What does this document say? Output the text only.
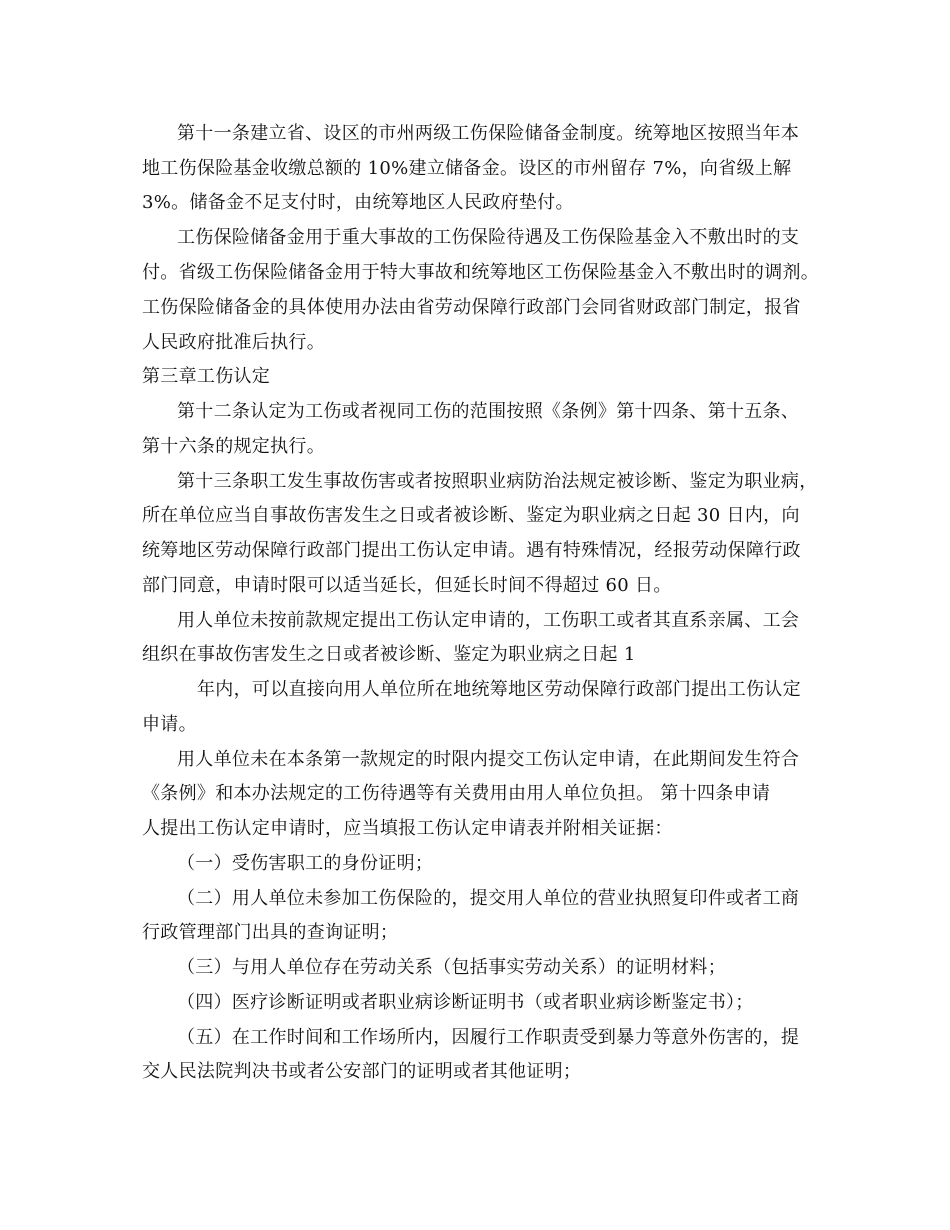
第十一条建立省、设区的市州两级工伤保险储备金制度。统筹地区按照当年本
地工伤保险基金收缴总额的 10%建立储备金。设区的市州留存 7%，向省级上解
3%。储备金不足支付时，由统筹地区人民政府垫付。
工伤保险储备金用于重大事故的工伤保险待遇及工伤保险基金入不敷出时的支
付。省级工伤保险储备金用于特大事故和统筹地区工伤保险基金入不敷出时的调剂。
工伤保险储备金的具体使用办法由省劳动保障行政部门会同省财政部门制定，报省
人民政府批准后执行。
第三章工伤认定
第十二条认定为工伤或者视同工伤的范围按照《条例》第十四条、第十五条、
第十六条的规定执行。
第十三条职工发生事故伤害或者按照职业病防治法规定被诊断、鉴定为职业病，
所在单位应当自事故伤害发生之日或者被诊断、鉴定为职业病之日起 30 日内，向
统筹地区劳动保障行政部门提出工伤认定申请。遇有特殊情况，经报劳动保障行政
部门同意，申请时限可以适当延长，但延长时间不得超过 60 日。
用人单位未按前款规定提出工伤认定申请的，工伤职工或者其直系亲属、工会
组织在事故伤害发生之日或者被诊断、鉴定为职业病之日起 1
年内，可以直接向用人单位所在地统筹地区劳动保障行政部门提出工伤认定
申请。
用人单位未在本条第一款规定的时限内提交工伤认定申请，在此期间发生符合
《条例》和本办法规定的工伤待遇等有关费用由用人单位负担。 第十四条申请
人提出工伤认定申请时，应当填报工伤认定申请表并附相关证据：
（一）受伤害职工的身份证明；
（二）用人单位未参加工伤保险的，提交用人单位的营业执照复印件或者工商
行政管理部门出具的查询证明；
（三）与用人单位存在劳动关系（包括事实劳动关系）的证明材料；
（四）医疗诊断证明或者职业病诊断证明书（或者职业病诊断鉴定书）；
（五）在工作时间和工作场所内，因履行工作职责受到暴力等意外伤害的，提
交人民法院判决书或者公安部门的证明或者其他证明；
